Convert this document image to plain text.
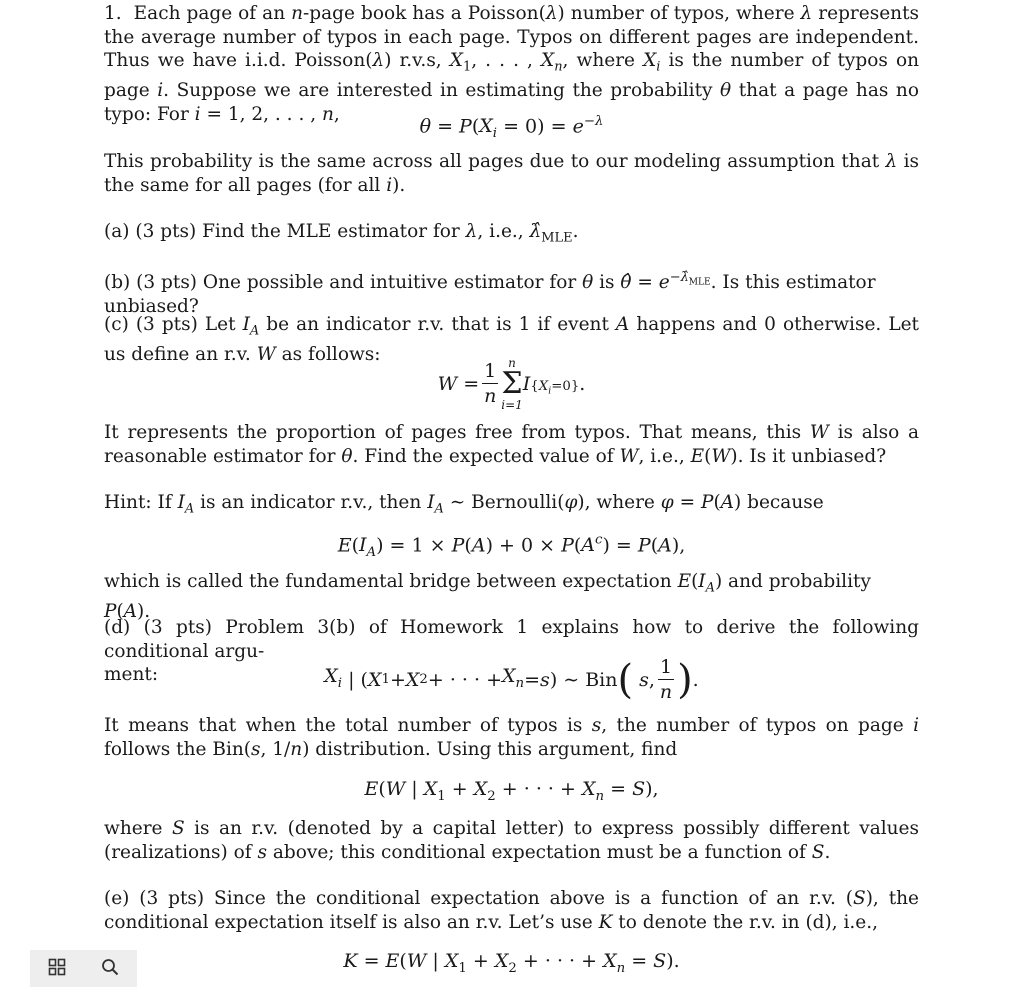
1.  Each page of an n-page book has a Poisson(λ) number of typos, where λ represents the average number of typos in each page. Typos on different pages are independent. Thus we have i.i.d. Poisson(λ) r.v.s, $X_1$, . . . , $X_n$, where $X_i$ is the number of typos on page i. Suppose we are interested in estimating the probability θ that a page has no typo: For i = 1, 2, . . . , n,

$\theta = P(X_i = 0) = e^{-\lambda}$

This probability is the same across all pages due to our modeling assumption that λ is the same for all pages (for all i).

(a) (3 pts) Find the MLE estimator for λ, i.e., $\lambdâ_{MLE}$.

(b) (3 pts) One possible and intuitive estimator for θ is θ̂ = $e^{-\lambdâ_{MLE}}$. Is this estimator unbiased?

(c) (3 pts) Let $I_A$ be an indicator r.v. that is 1 if event A happens and 0 otherwise. Let us define an r.v. W as follows:

$W = \frac{1}{n}$ n
Σ
i=1
$I_{\{X_i=0\}}$ .

It represents the proportion of pages free from typos. That means, this W is also a reasonable estimator for θ. Find the expected value of W, i.e., E(W). Is it unbiased?

Hint: If $I_A$ is an indicator r.v., then $I_A$ ∼ Bernoulli(φ), where φ = P(A) because

$E(I_A) = 1 \times P(A) + 0 \times P(A^c) = P(A)$,

which is called the fundamental bridge between expectation $E(I_A)$ and probability P(A).

(d) (3 pts) Problem 3(b) of Homework 1 explains how to derive the following conditional argu-
ment:	$X_i$ | ( X 1 + X 2 + · · · + $X_n = s$ ) ∼ Bin (
s , $\frac{1}{n}$ ) .

It means that when the total number of typos is s, the number of typos on page i follows the Bin(s, 1/n) distribution. Using this argument, find

E(W | $X_1 + X_2$ + · · · + $X_n = S$),

where S is an r.v. (denoted by a capital letter) to express possibly different values (realizations) of s above; this conditional expectation must be a function of S.

(e) (3 pts) Since the conditional expectation above is a function of an r.v. (S), the conditional expectation itself is also an r.v. Let’s use K to denote the r.v. in (d), i.e.,

K = E(W | $X_1 + X_2$ + · · · + $X_n = S$).
